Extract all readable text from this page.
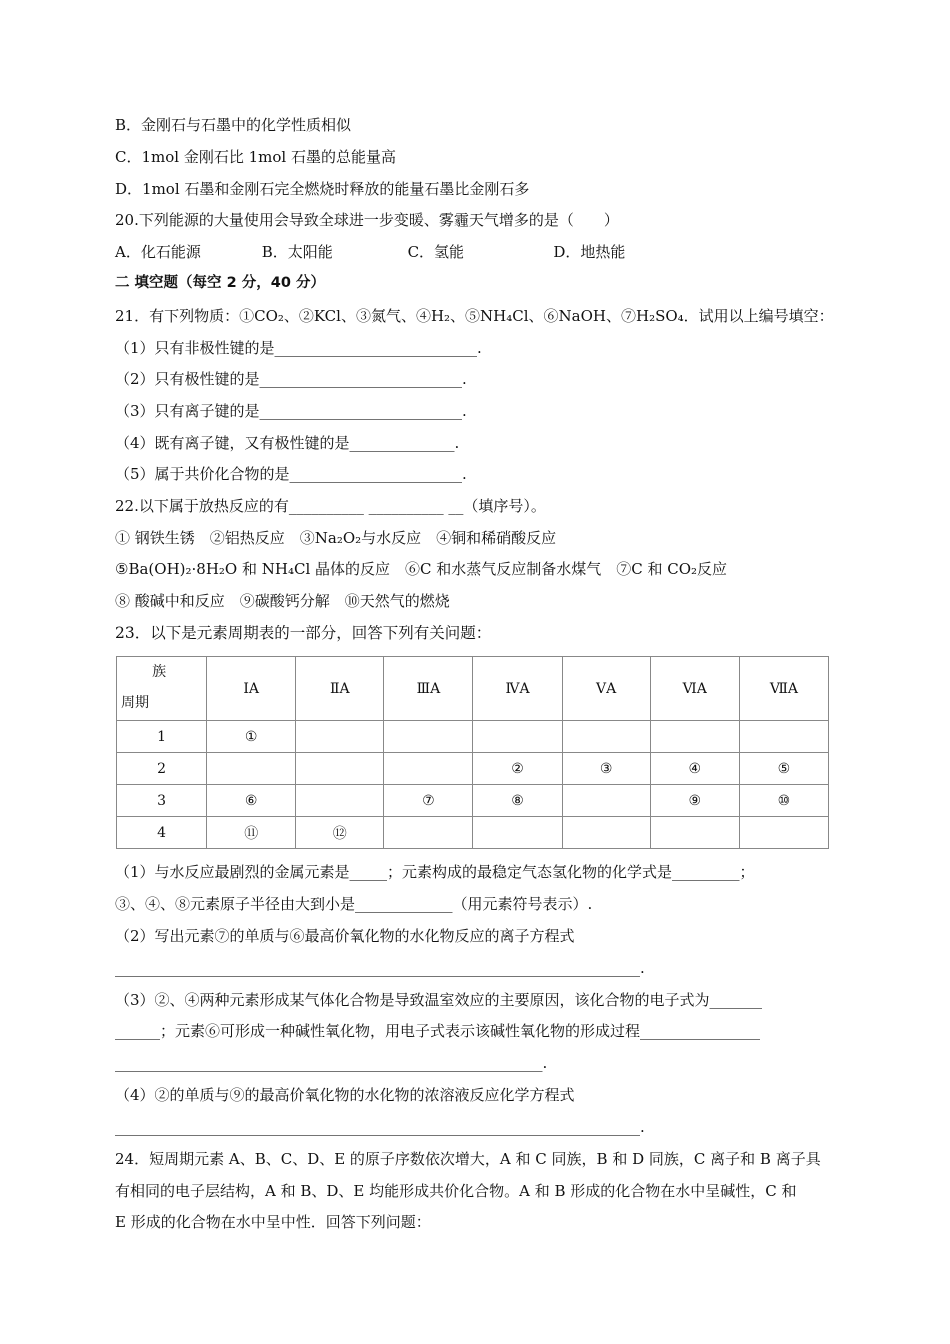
B．金刚石与石墨中的化学性质相似
C．1mol 金刚石比 1mol 石墨的总能量高
D．1mol 石墨和金刚石完全燃烧时释放的能量石墨比金刚石多
20.下列能源的大量使用会导致全球进一步变暖、雾霾天气增多的是（　　）
A．化石能源	B．太阳能	C．氢能	D．地热能
二 填空题（每空 2 分，40 分）
21．有下列物质：①CO₂、②KCl、③氮气、④H₂、⑤NH₄Cl、⑥NaOH、⑦H₂SO₄．试用以上编号填空：
（1）只有非极性键的是___________________________.
（2）只有极性键的是___________________________.
（3）只有离子键的是___________________________.
（4）既有离子键，又有极性键的是______________.
（5）属于共价化合物的是_______________________.
22.以下属于放热反应的有__________ __________ __（填序号）。
① 钢铁生锈　②铝热反应　③Na₂O₂与水反应　④铜和稀硝酸反应
⑤Ba(OH)₂·8H₂O 和 NH₄Cl 晶体的反应　⑥C 和水蒸气反应制备水煤气　⑦C 和 CO₂反应
⑧ 酸碱中和反应　⑨碳酸钙分解　⑩天然气的燃烧
23．以下是元素周期表的一部分，回答下列有关问题：
族
周期	ⅠA	ⅡA	ⅢA	ⅣA	ⅤA	ⅥA	ⅦA
1	①						
2				②	③	④	⑤
3	⑥		⑦	⑧		⑨	⑩
4	⑪	⑫					
（1）与水反应最剧烈的金属元素是_____；元素构成的最稳定气态氢化物的化学式是_________；
③、④、⑧元素原子半径由大到小是_____________（用元素符号表示）.
（2）写出元素⑦的单质与⑥最高价氧化物的水化物反应的离子方程式
______________________________________________________________________.
（3）②、④两种元素形成某气体化合物是导致温室效应的主要原因，该化合物的电子式为_______
______；元素⑥可形成一种碱性氧化物，用电子式表示该碱性氧化物的形成过程________________
_________________________________________________________.
（4）②的单质与⑨的最高价氧化物的水化物的浓溶液反应化学方程式
______________________________________________________________________.
24．短周期元素 A、B、C、D、E 的原子序数依次增大，A 和 C 同族，B 和 D 同族，C 离子和 B 离子具
有相同的电子层结构，A 和 B、D、E 均能形成共价化合物。A 和 B 形成的化合物在水中呈碱性，C 和
E 形成的化合物在水中呈中性．回答下列问题：
